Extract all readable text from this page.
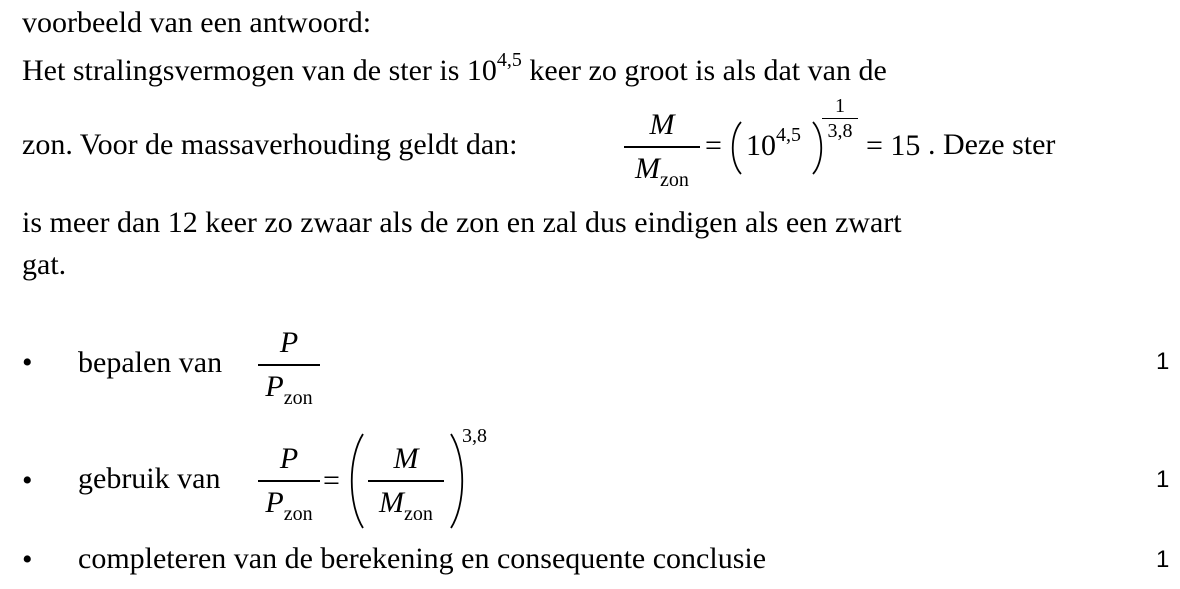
voorbeeld van een antwoord:
Het stralingsvermogen van de ster is 10$^{4,5}$ keer zo groot is als dat van de
zon. Voor de massaverhouding geldt dan:
M
$M_{zon}$
= $10^{4,5}$
1
3,8 = 15 . Deze ster
is meer dan 12 keer zo zwaar als de zon en zal dus eindigen als een zwart
gat.
• bepalen van
P
$P_{zon}$
1
• gebruik van
P
$P_{zon}$
=
M
$M_{zon}$
3,8
1
• completeren van de berekening en consequente conclusie	1
